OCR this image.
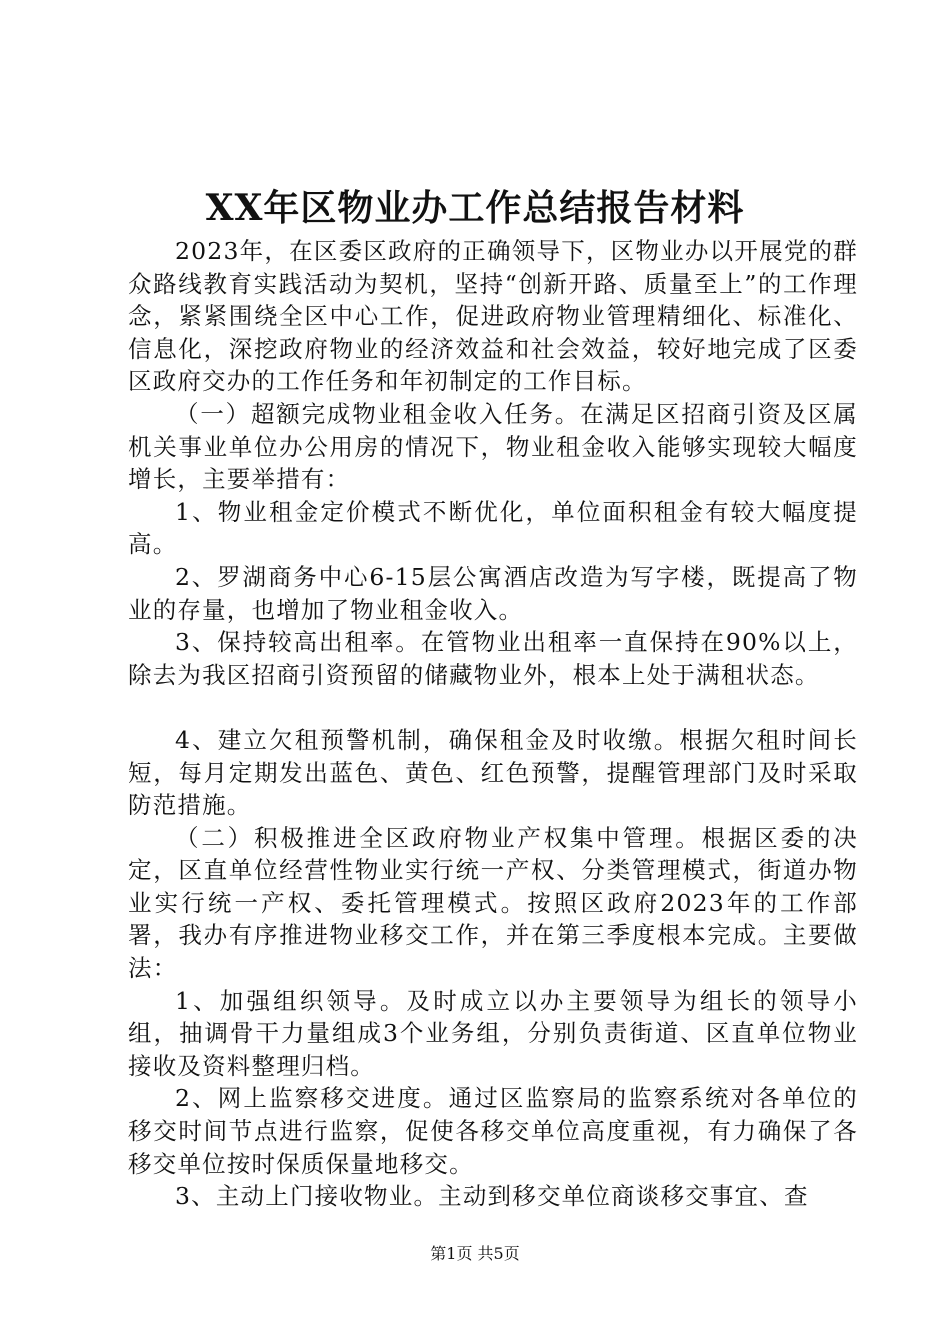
XX年区物业办工作总结报告材料

2023年，在区委区政府的正确领导下，区物业办以开展党的群众路线教育实践活动为契机，坚持“创新开路、质量至上”的工作理念，紧紧围绕全区中心工作，促进政府物业管理精细化、标准化、信息化，深挖政府物业的经济效益和社会效益，较好地完成了区委区政府交办的工作任务和年初制定的工作目标。

（一）超额完成物业租金收入任务。在满足区招商引资及区属机关事业单位办公用房的情况下，物业租金收入能够实现较大幅度增长，主要举措有：

1、物业租金定价模式不断优化，单位面积租金有较大幅度提高。

2、罗湖商务中心6-15层公寓酒店改造为写字楼，既提高了物业的存量，也增加了物业租金收入。

3、保持较高出租率。在管物业出租率一直保持在90%以上，除去为我区招商引资预留的储藏物业外，根本上处于满租状态。

4、建立欠租预警机制，确保租金及时收缴。根据欠租时间长短，每月定期发出蓝色、黄色、红色预警，提醒管理部门及时采取防范措施。

（二）积极推进全区政府物业产权集中管理。根据区委的决定，区直单位经营性物业实行统一产权、分类管理模式，街道办物业实行统一产权、委托管理模式。按照区政府2023年的工作部署，我办有序推进物业移交工作，并在第三季度根本完成。主要做法：

1、加强组织领导。及时成立以办主要领导为组长的领导小组，抽调骨干力量组成3个业务组，分别负责街道、区直单位物业接收及资料整理归档。

2、网上监察移交进度。通过区监察局的监察系统对各单位的移交时间节点进行监察，促使各移交单位高度重视，有力确保了各移交单位按时保质保量地移交。

3、主动上门接收物业。主动到移交单位商谈移交事宜、查

第1页 共5页
